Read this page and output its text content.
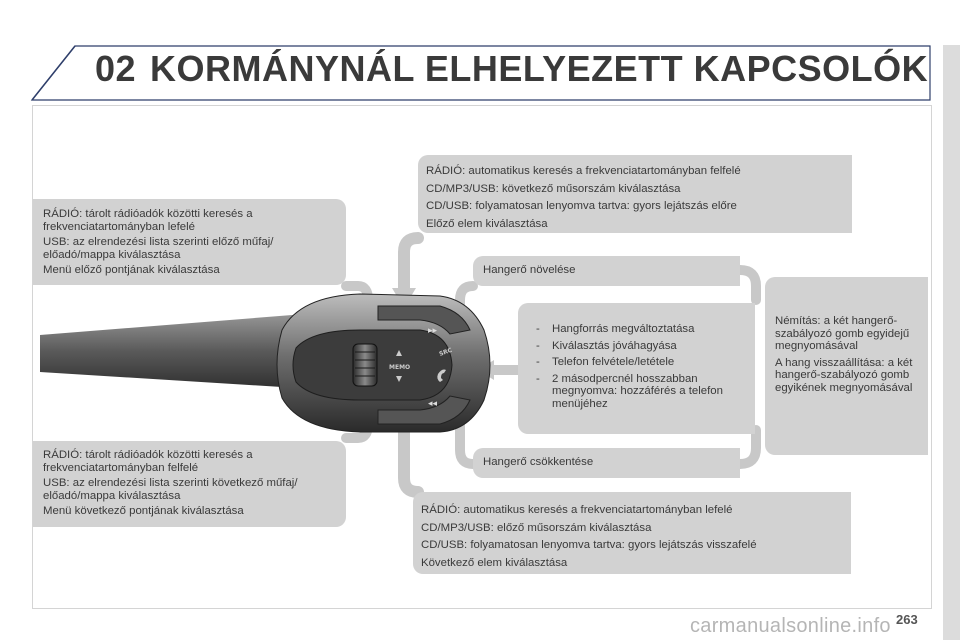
02 KORMÁNYNÁL ELHELYEZETT KAPCSOLÓK
▸▸
◂◂
MEMO
SRC

RÁDIÓ: tárolt rádióadók közötti keresés a frekvenciatartományban lefelé

USB: az elrendezési lista szerinti előző műfaj/ előadó/mappa kiválasztása

Menü előző pontjának kiválasztása

RÁDIÓ: tárolt rádióadók közötti keresés a frekvenciatartományban felfelé

USB: az elrendezési lista szerinti következő műfaj/ előadó/mappa kiválasztása

Menü következő pontjának kiválasztása

RÁDIÓ: automatikus keresés a frekvenciatartományban felfelé

CD/MP3/USB: következő műsorszám kiválasztása

CD/USB: folyamatosan lenyomva tartva: gyors lejátszás előre

Előző elem kiválasztása

RÁDIÓ: automatikus keresés a frekvenciatartományban lefelé

CD/MP3/USB: előző műsorszám kiválasztása

CD/USB: folyamatosan lenyomva tartva: gyors lejátszás visszafelé

Következő elem kiválasztása

Hangerő növelése
Hangerő csökkentése
- Hangforrás megváltoztatása
- Kiválasztás jóváhagyása
- Telefon felvétele/letétele
- 2 másodpercnél hosszabban megnyomva: hozzáférés a telefon menüjéhez

Némítás: a két hangerő-szabályozó gomb egyidejű megnyomásával

A hang visszaállítása: a két hangerő-szabályozó gomb egyikének megnyomásával

carmanualsonline.info 263
